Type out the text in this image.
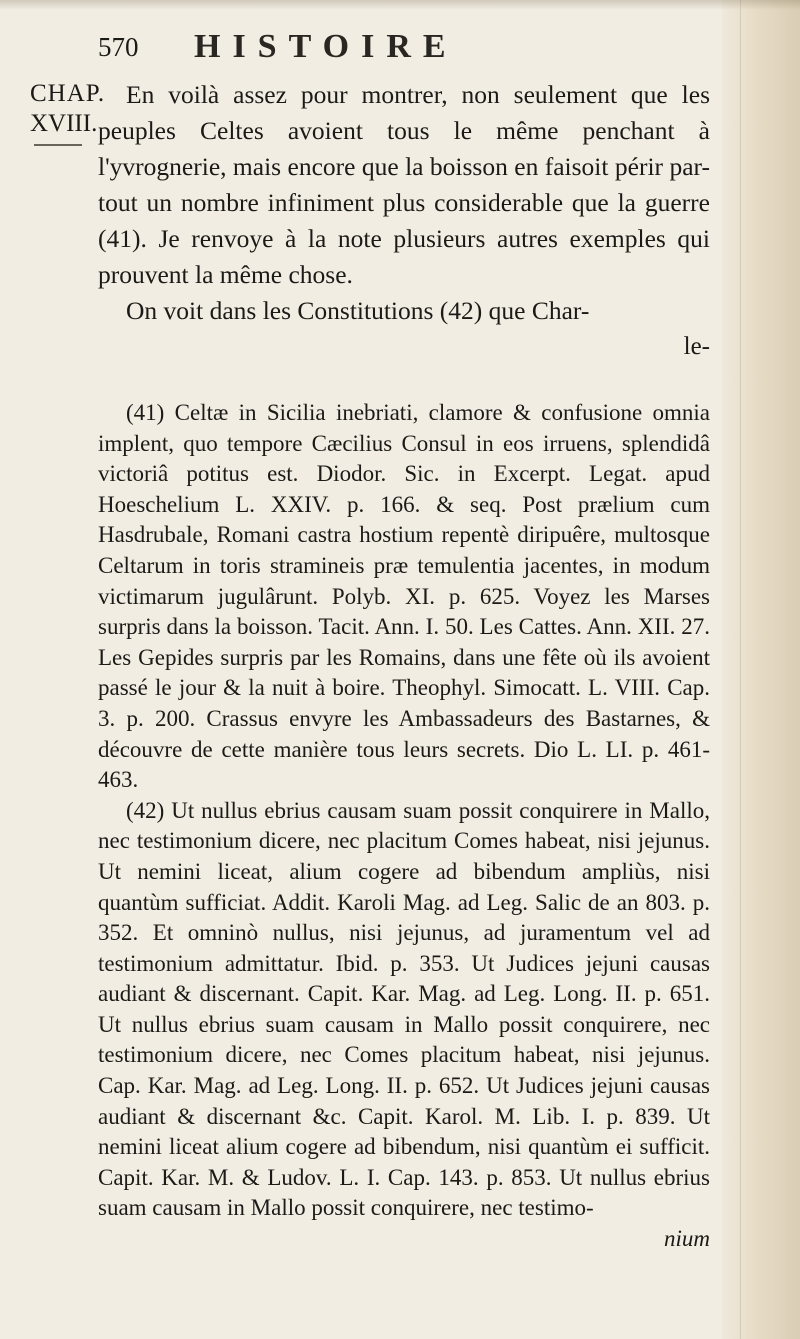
570 HISTOIRE
CHAP.
XVIII.

En voilà assez pour montrer, non seulement que les peuples Celtes avoient tous le même penchant à l'yvrognerie, mais encore que la boisson en faisoit périr par-tout un nombre infiniment plus considerable que la guerre (41). Je renvoye à la note plusieurs autres exemples qui prouvent la même chose.

On voit dans les Constitutions (42) que Char-

le-

(41) Celtæ in Sicilia inebriati, clamore & confusione omnia implent, quo tempore Cæcilius Consul in eos irruens, splendidâ victoriâ potitus est. Diodor. Sic. in Excerpt. Legat. apud Hoeschelium L. XXIV. p. 166. & seq. Post prælium cum Hasdrubale, Romani castra hostium repentè diripuêre, multosque Celtarum in toris stramineis præ temulentia jacentes, in modum victimarum jugulârunt. Polyb. XI. p. 625. Voyez les Marses surpris dans la boisson. Tacit. Ann. I. 50. Les Cattes. Ann. XII. 27. Les Gepides surpris par les Romains, dans une fête où ils avoient passé le jour & la nuit à boire. Theophyl. Simocatt. L. VIII. Cap. 3. p. 200. Crassus envyre les Ambassadeurs des Bastarnes, & découvre de cette manière tous leurs secrets. Dio L. LI. p. 461-463.

(42) Ut nullus ebrius causam suam possit conquirere in Mallo, nec testimonium dicere, nec placitum Comes habeat, nisi jejunus. Ut nemini liceat, alium cogere ad bibendum ampliùs, nisi quantùm sufficiat. Addit. Karoli Mag. ad Leg. Salic de an 803. p. 352. Et omninò nullus, nisi jejunus, ad juramentum vel ad testimonium admittatur. Ibid. p. 353. Ut Judices jejuni causas audiant & discernant. Capit. Kar. Mag. ad Leg. Long. II. p. 651. Ut nullus ebrius suam causam in Mallo possit conquirere, nec testimonium dicere, nec Comes placitum habeat, nisi jejunus. Cap. Kar. Mag. ad Leg. Long. II. p. 652. Ut Judices jejuni causas audiant & discernant &c. Capit. Karol. M. Lib. I. p. 839. Ut nemini liceat alium cogere ad bibendum, nisi quantùm ei sufficit. Capit. Kar. M. & Ludov. L. I. Cap. 143. p. 853. Ut nullus ebrius suam causam in Mallo possit conquirere, nec testimo-

nium
